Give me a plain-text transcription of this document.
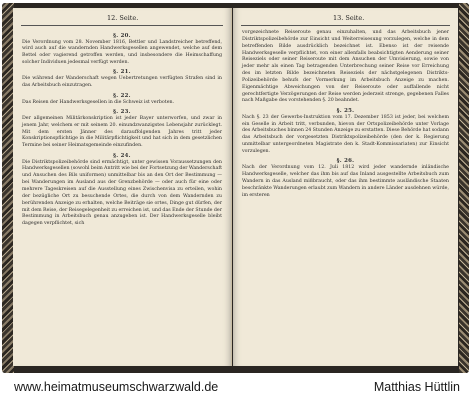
12. Seite.
§. 20.

Die Verordnung vom 28. November 1816, Bettler und Landstreicher betreffend, wird auch auf die wandernden Handwerksgesellen angewendet, welche auf dem Bettel oder vagierend getroffen werden, und insbesondere die Heimschaffung solcher Individuen jedesmal verfügt werden.

§. 21.

Die während der Wanderschaft wegen Uebertretungen verfügten Strafen sind in das Arbeitsbuch einzutragen.

§. 22.

Das Reisen der Handwerksgesellen in die Schweiz ist verboten.

§. 23.

Der allgemeinen Militärkonskription ist jeder Bayer unterworfen, und zwar in jenem Jahr, welchem er mit seinem 20. einundzwanzigstes Lebensjahr zurücklegt. Mit dem ersten Jänner des darauffolgenden Jahres tritt jeder Konskriptionspflichtige in die Militärpflichtigkeit und hat sich in dem gesetzlichen Termine bei seiner Heimatsgemeinde einzufinden.

§. 24.

Die Distriktspolizeibehörde sind ermächtigt, unter gewissen Voraussetzungen den Handwerksgesellen (sowohl beim Antritt wie bei der Fortsetzung der Wanderschaft und Ansuchen des Bils uniformen) unmittelbar bis an den Ort der Bestimmung — bei Wanderungen im Ausland aus der Grenzbehörde — oder auch für eine oder mehrere Tageskreisen auf die Ausstellung eines Zwischenvisa zu erteilen, wohin der bezügliche Ort zu besuchende Ortes, die durch von dem Wandernden zu berührenden Anzeige zu erhalten, welche Beiträge sie ortes, Dinge gut dürfen, der mit dem Reise, der Reisegelegenheit zu erreichen ist, und das Ende der Stunde der Bestimmung in Arbeitsbuch genau anzugeben ist. Der Handwerksgeselle bleibt dagegen verpflichtet, sich

13. Seite.

vorgezeichnete Reiseroute genau einzuhalten, und das Arbeitsbuch jener Distriktspolizeibehörde zur Einsicht und Weiterreisesung vorzulegen, welche in dem betreffenden Bilde ausdrücklich bezeichnet ist. Ebenso ist der reisende Handwerksgeselle verpflichtet, von einer allenfalls beabsichtigten Aenderung seiner Reiseziels oder seiner Reiseroute mit dem Ansuchen der Umvisierung, sowie von jeder mehr als einen Tag betragenden Unterbrechung seiner Reise vor Erreichung des im letzten Bilde bezeichneten Reiseziels der nächstgelegenen Distrikts-Polizeibehörde behufs der Vormerkung im Arbeitsbuch Anzeige zu machen. Eigenmächtige Abweichungen von der Reiseroute oder auffallende nicht gerechtfertigte Verzögerungen der Reise werden jederzeit strenge, gegebenen Falles nach Maßgabe des vorstehenden §. 20 beahndet.

§. 25.

Nach §. 23 der Gewerbs-Instruktion vom 17. Dezember 1853 ist jeder, bei welchem ein Geselle in Arbeit tritt, verbunden, hievon der Ortspolizeibehörde unter Vorlage des Arbeitsbuches binnen 24 Stunden Anzeige zu erstatten. Diese Behörde hat sodann das Arbeitsbuch der vorgesetzten Distriktspolizeibehörde (den der k. Regierung unmittelbar untergeordneten Magistrate den k. Stadt-Kommissariaten) zur Einsicht vorzulegen.

§. 26.

Nach der Verordnung vom 12. Juli 1812 wird jeder wandernde inländische Handwerksgeselle, welcher das ihm bis auf das Inland ausgestellte Arbeitsbuch zum Wandern in das Ausland mißbraucht, oder das ihm bestimmte ausländische Staaten beschränkte Wanderungen erlaubt zum Wandern in andere Länder ausdehnen würde, im ersteren

www.heimatmuseumschwarzwald.de	Matthias Hüttlin
